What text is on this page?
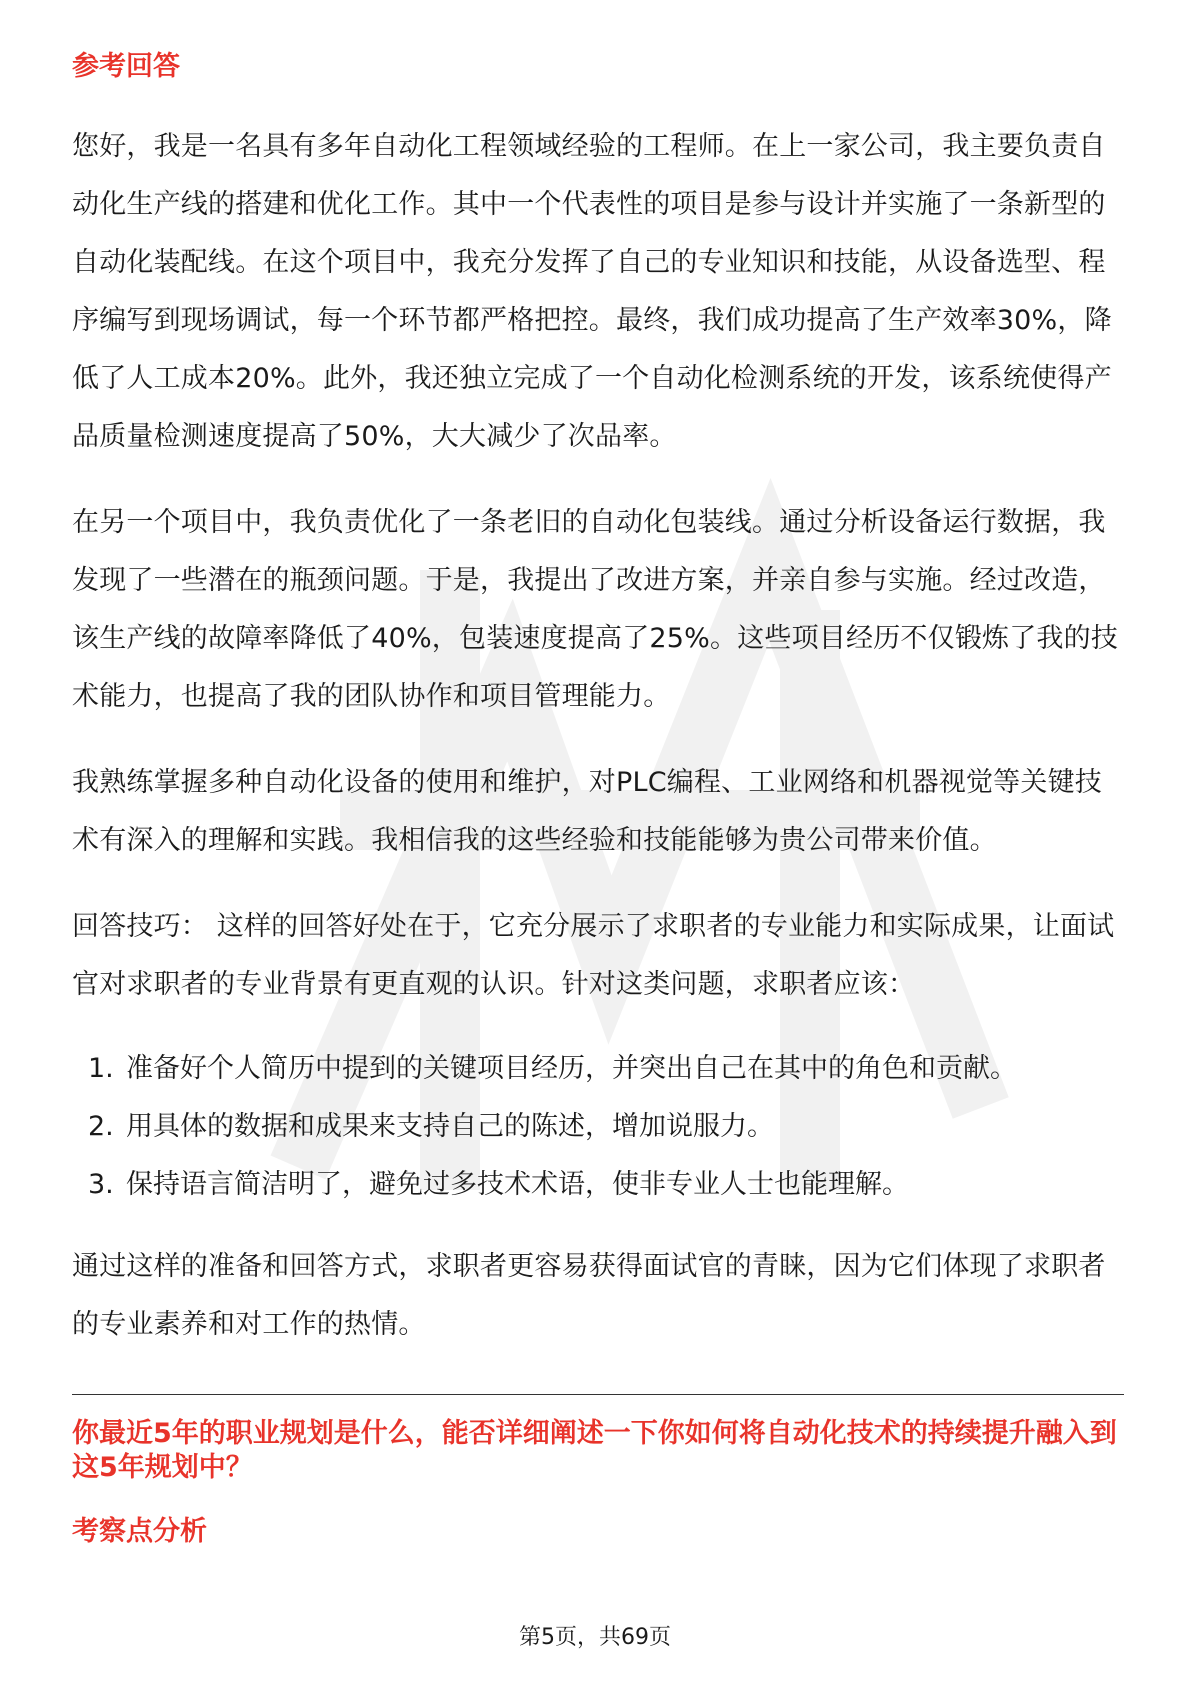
参考回答

您好，我是一名具有多年自动化工程领域经验的工程师。在上一家公司，我主要负责自动化生产线的搭建和优化工作。其中一个代表性的项目是参与设计并实施了一条新型的自动化装配线。在这个项目中，我充分发挥了自己的专业知识和技能，从设备选型、程序编写到现场调试，每一个环节都严格把控。最终，我们成功提高了生产效率30%，降低了人工成本20%。此外，我还独立完成了一个自动化检测系统的开发，该系统使得产品质量检测速度提高了50%，大大减少了次品率。

在另一个项目中，我负责优化了一条老旧的自动化包装线。通过分析设备运行数据，我发现了一些潜在的瓶颈问题。于是，我提出了改进方案，并亲自参与实施。经过改造，该生产线的故障率降低了40%，包装速度提高了25%。这些项目经历不仅锻炼了我的技术能力，也提高了我的团队协作和项目管理能力。

我熟练掌握多种自动化设备的使用和维护，对PLC编程、工业网络和机器视觉等关键技术有深入的理解和实践。我相信我的这些经验和技能能够为贵公司带来价值。

回答技巧： 这样的回答好处在于，它充分展示了求职者的专业能力和实际成果，让面试官对求职者的专业背景有更直观的认识。针对这类问题，求职者应该：

1. 准备好个人简历中提到的关键项目经历，并突出自己在其中的角色和贡献。
2. 用具体的数据和成果来支持自己的陈述，增加说服力。
3. 保持语言简洁明了，避免过多技术术语，使非专业人士也能理解。

通过这样的准备和回答方式，求职者更容易获得面试官的青睐，因为它们体现了求职者的专业素养和对工作的热情。

你最近5年的职业规划是什么，能否详细阐述一下你如何将自动化技术的持续提升融入到这5年规划中？
考察点分析
第5页，共69页
